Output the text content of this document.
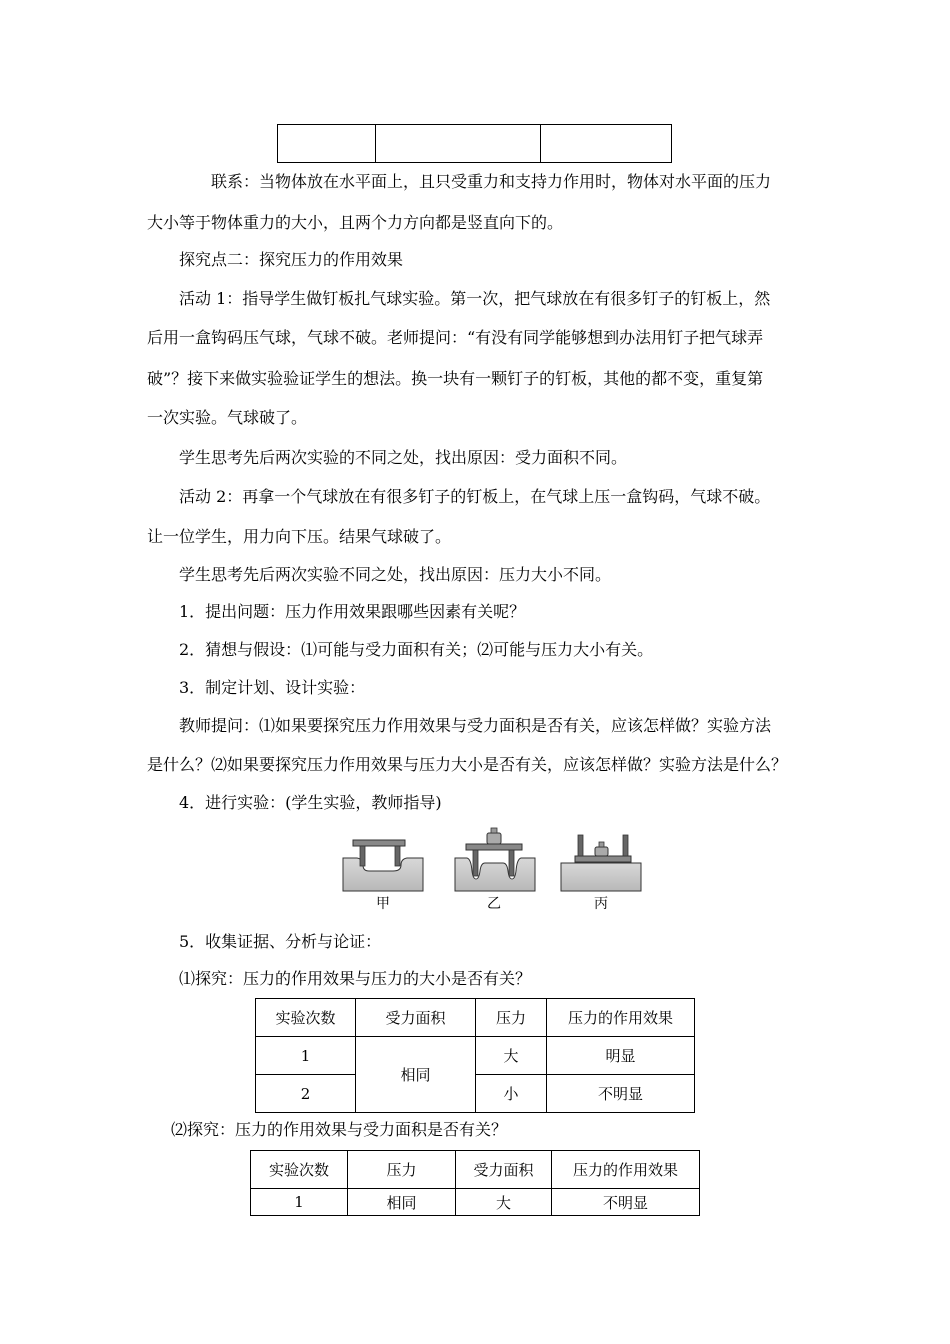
联系：当物体放在水平面上，且只受重力和支持力作用时，物体对水平面的压力
大小等于物体重力的大小，且两个力方向都是竖直向下的。
探究点二：探究压力的作用效果
活动 1：指导学生做钉板扎气球实验。第一次，把气球放在有很多钉子的钉板上，然
后用一盒钩码压气球，气球不破。老师提问：“有没有同学能够想到办法用钉子把气球弄
破”？接下来做实验验证学生的想法。换一块有一颗钉子的钉板，其他的都不变，重复第
一次实验。气球破了。
学生思考先后两次实验的不同之处，找出原因：受力面积不同。
活动 2：再拿一个气球放在有很多钉子的钉板上，在气球上压一盒钩码，气球不破。
让一位学生，用力向下压。结果气球破了。
学生思考先后两次实验不同之处，找出原因：压力大小不同。
1．提出问题：压力作用效果跟哪些因素有关呢？
2．猜想与假设：⑴可能与受力面积有关；⑵可能与压力大小有关。
3．制定计划、设计实验：
教师提问：⑴如果要探究压力作用效果与受力面积是否有关，应该怎样做？实验方法
是什么？⑵如果要探究压力作用效果与压力大小是否有关，应该怎样做？实验方法是什么？
4．进行实验：(学生实验，教师指导)
甲	乙	丙
5．收集证据、分析与论证：
⑴探究：压力的作用效果与压力的大小是否有关？
实验次数	受力面积	压力	压力的作用效果
1	相同	大	明显
2		小	不明显
⑵探究：压力的作用效果与受力面积是否有关？
实验次数	压力	受力面积	压力的作用效果
1	相同	大	不明显
